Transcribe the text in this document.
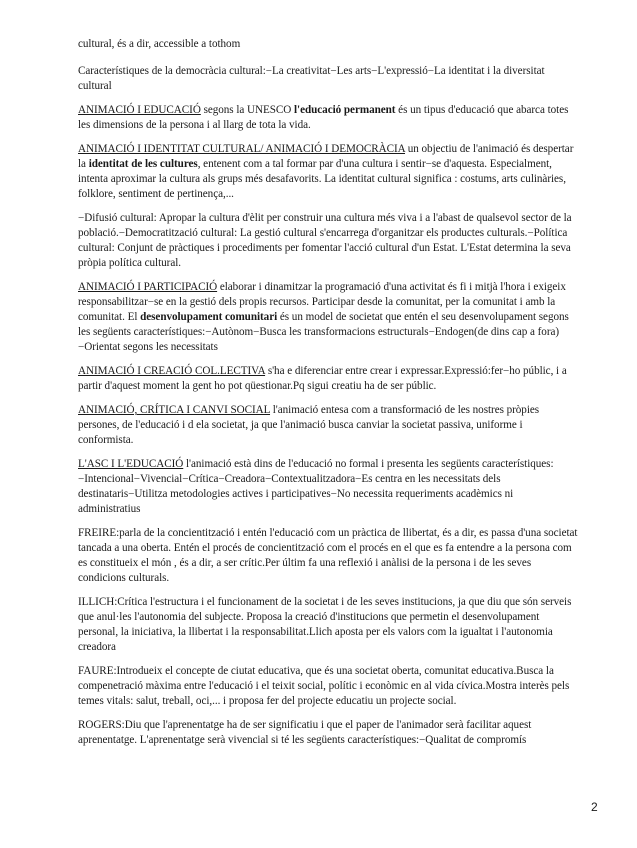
cultural, és a dir, accessible a tothom

Característiques de la democràcia cultural:−La creativitat−Les arts−L'expressió−La identitat i la diversitat cultural

ANIMACIÓ I EDUCACIÓ segons la UNESCO l'educació permanent és un tipus d'educació que abarca totes les dimensions de la persona i al llarg de tota la vida.

ANIMACIÓ I IDENTITAT CULTURAL/ ANIMACIÓ I DEMOCRÀCIA un objectiu de l'animació és despertar la identitat de les cultures, entenent com a tal formar par d'una cultura i sentir−se d'aquesta. Especialment, intenta aproximar la cultura als grups més desafavorits. La identitat cultural significa : costums, arts culinàries, folklore, sentiment de pertinença,...

−Difusió cultural: Apropar la cultura d'èlit per construir una cultura més viva i a l'abast de qualsevol sector de la població.−Democratització cultural: La gestió cultural s'encarrega d'organitzar els productes culturals.−Política cultural: Conjunt de pràctiques i procediments per fomentar l'acció cultural d'un Estat. L'Estat determina la seva pròpia política cultural.

ANIMACIÓ I PARTICIPACIÓ elaborar i dinamitzar la programació d'una activitat és fi i mitjà l'hora i exigeix responsabilitzar−se en la gestió dels propis recursos. Participar desde la comunitat, per la comunitat i amb la comunitat. El desenvolupament comunitari és un model de societat que entén el seu desenvolupament segons les següents característiques:−Autònom−Busca les transformacions estructurals−Endogen(de dins cap a fora)−Orientat segons les necessitats

ANIMACIÓ I CREACIÓ COL.LECTIVA s'ha e diferenciar entre crear i expressar.Expressió:fer−ho públic, i a partir d'aquest moment la gent ho pot qüestionar.Pq sigui creatiu ha de ser públic.

ANIMACIÓ, CRÍTICA I CANVI SOCIAL l'animació entesa com a transformació de les nostres pròpies persones, de l'educació i d ela societat, ja que l'animació busca canviar la societat passiva, uniforme i conformista.

L'ASC I L'EDUCACIÓ l'animació està dins de l'educació no formal i presenta les següents característiques:−Intencional−Vivencial−Crítica−Creadora−Contextualitzadora−Es centra en les necessitats dels destinataris−Utilitza metodologies actives i participatives−No necessita requeriments acadèmics ni administratius

FREIRE:parla de la concientització i entén l'educació com un pràctica de llibertat, és a dir, es passa d'una societat tancada a una oberta. Entén el procés de concientització com el procés en el que es fa entendre a la persona com es constitueix el món , és a dir, a ser crític.Per últim fa una reflexió i anàlisi de la persona i de les seves condicions culturals.

ILLICH:Crítica l'estructura i el funcionament de la societat i de les seves institucions, ja que diu que són serveis que anul·les l'autonomia del subjecte. Proposa la creació d'institucions que permetin el desenvolupament personal, la iniciativa, la llibertat i la responsabilitat.Llich aposta per els valors com la igualtat i l'autonomia creadora

FAURE:Introdueix el concepte de ciutat educativa, que és una societat oberta, comunitat educativa.Busca la compenetració màxima entre l'educació i el teixit social, polític i econòmic en al vida cívica.Mostra interès pels temes vitals: salut, treball, oci,... i proposa fer del projecte educatiu un projecte social.

ROGERS:Diu que l'aprenentatge ha de ser significatiu i que el paper de l'animador serà facilitar aquest aprenentatge. L'aprenentatge serà vivencial si té les següents característiques:−Qualitat de compromís

2
